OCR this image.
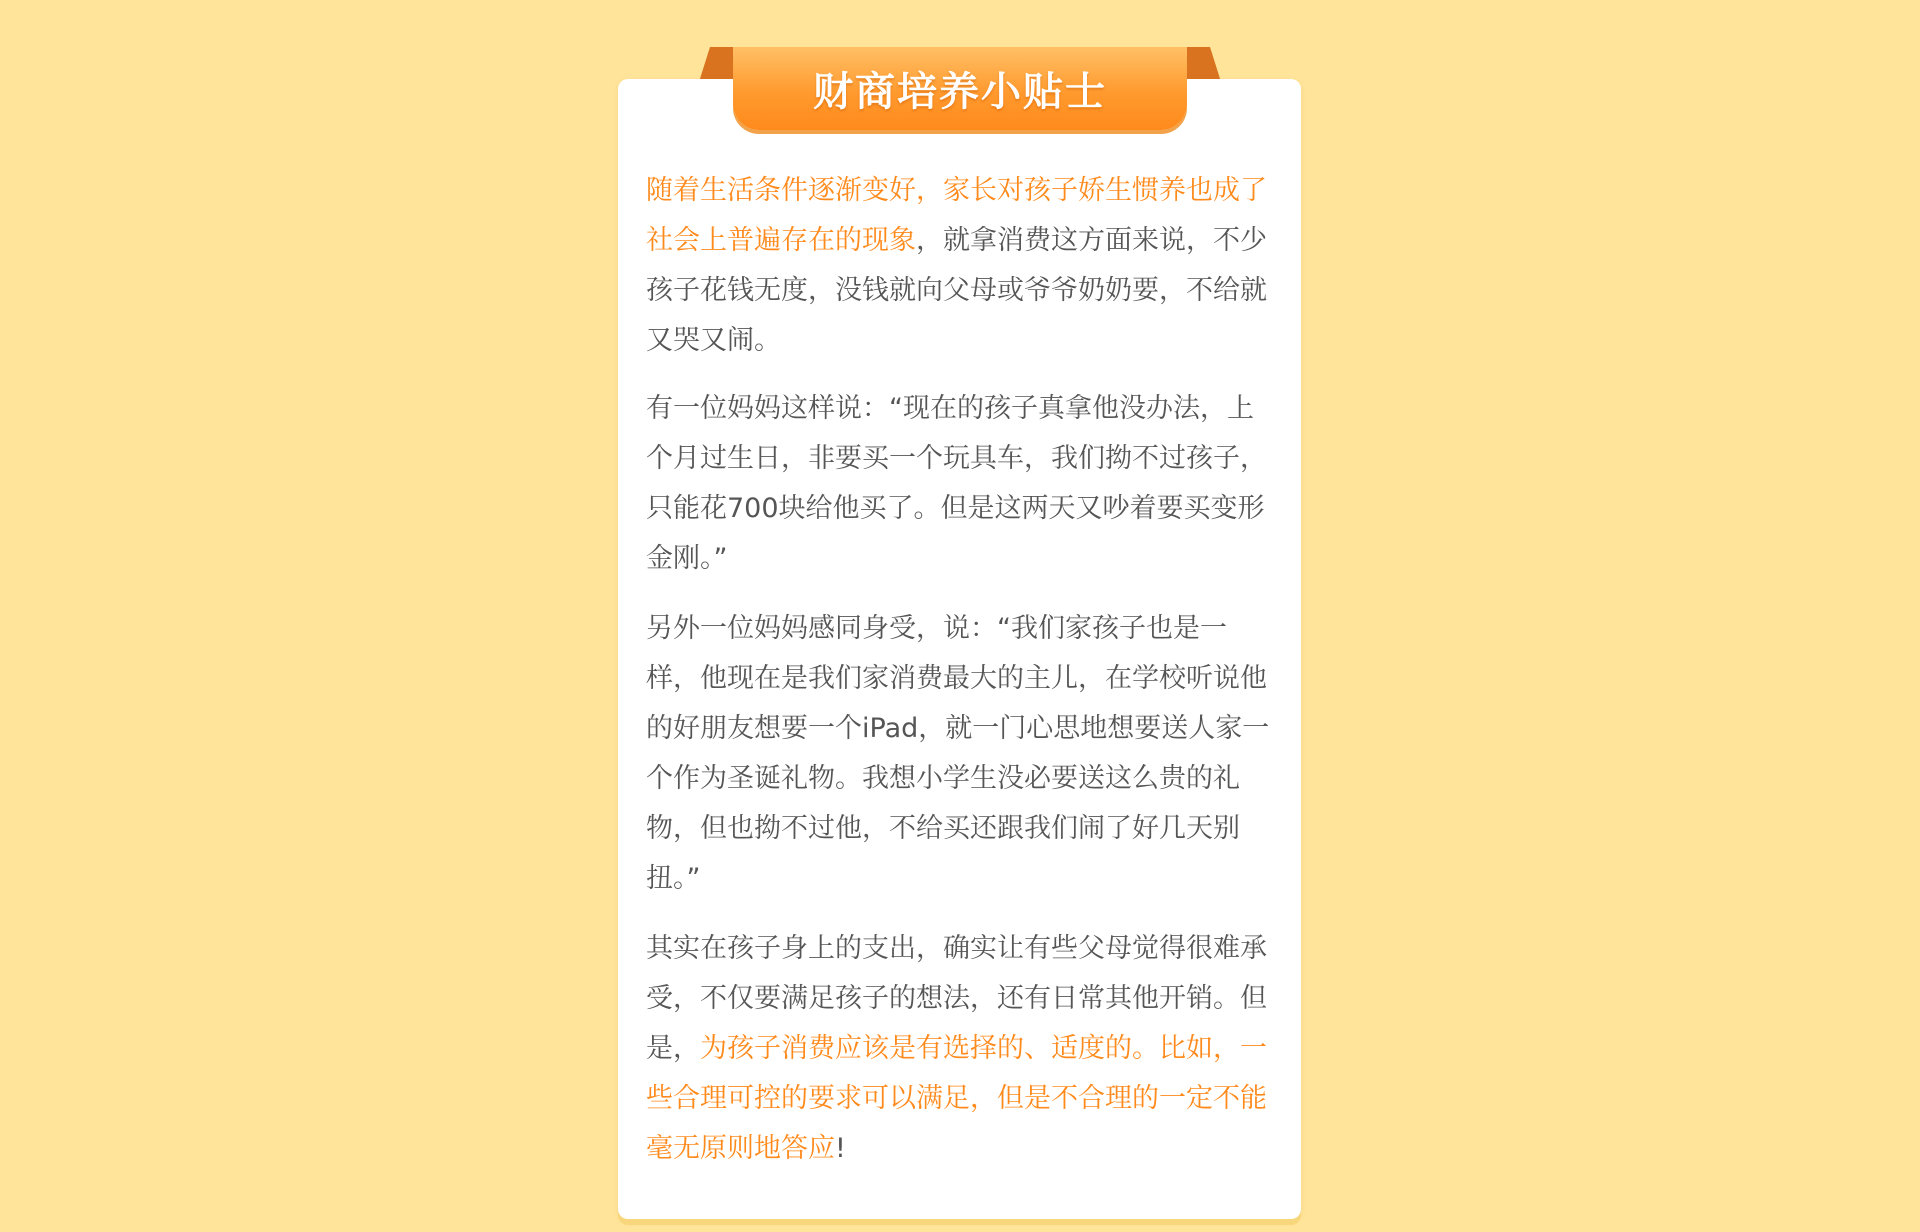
财商培养小贴士

随着生活条件逐渐变好，家长对孩子娇生惯养也成了社会上普遍存在的现象，就拿消费这方面来说，不少孩子花钱无度，没钱就向父母或爷爷奶奶要，不给就又哭又闹。

有一位妈妈这样说：“现在的孩子真拿他没办法，上个月过生日，非要买一个玩具车，我们拗不过孩子，只能花700块给他买了。但是这两天又吵着要买变形金刚。”

另外一位妈妈感同身受，说：“我们家孩子也是一样，他现在是我们家消费最大的主儿，在学校听说他的好朋友想要一个iPad，就一门心思地想要送人家一个作为圣诞礼物。我想小学生没必要送这么贵的礼物，但也拗不过他，不给买还跟我们闹了好几天别扭。”

其实在孩子身上的支出，确实让有些父母觉得很难承受，不仅要满足孩子的想法，还有日常其他开销。但是，为孩子消费应该是有选择的、适度的。比如，一些合理可控的要求可以满足，但是不合理的一定不能毫无原则地答应!
